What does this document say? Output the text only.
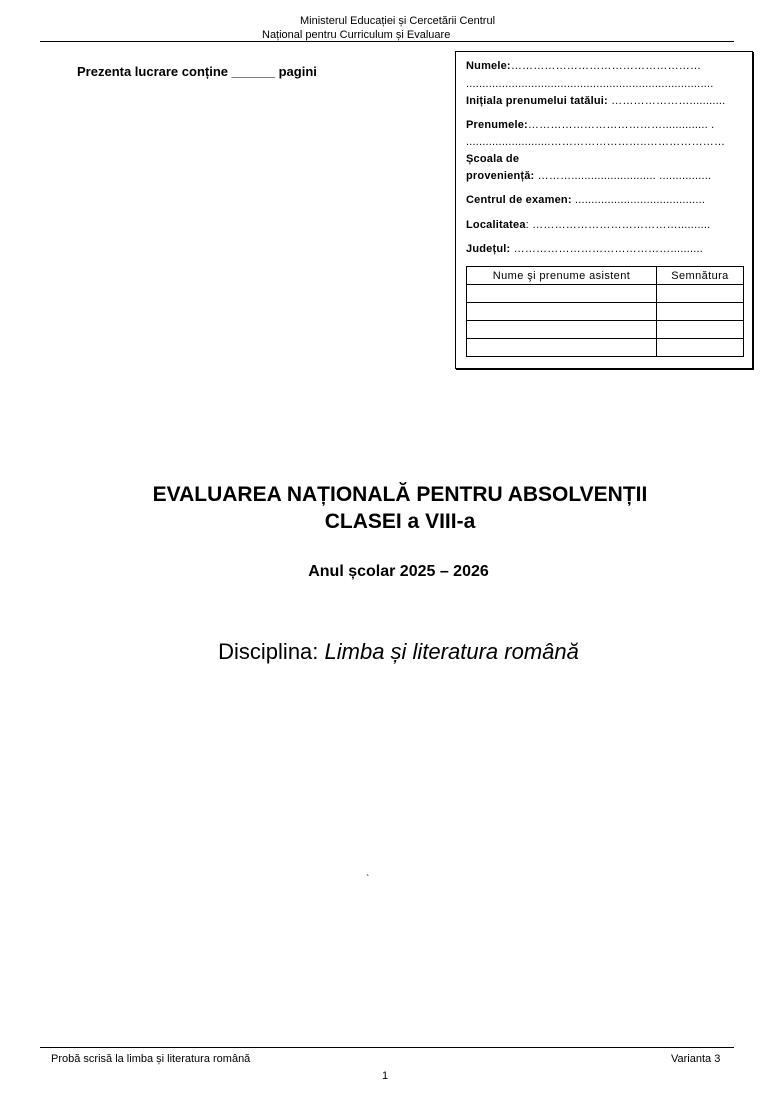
Ministerul Educației și Cercetării Centrul
Național pentru Curriculum și Evaluare
Prezenta lucrare conține ______ pagini	Numele:……………………………………………
............................................................................
Inițiala prenumelui tatălui: …………………...........
Prenumele:……………………………….............. .
..........................……………………..…………………
Școala de
proveniență: ……….......................... ................
Centrul de examen: ........................................
Localitatea: …………………………………..........
Județul: ……………………………………..........
Nume şi prenume asistent	Semnătura

EVALUAREA NAȚIONALĂ PENTRU ABSOLVENȚII
CLASEI a VIII-a
Anul școlar 2025 – 2026
Disciplina: Limba și literatura română
`
Probă scrisă la limba și literatura română	Varianta 3
1
